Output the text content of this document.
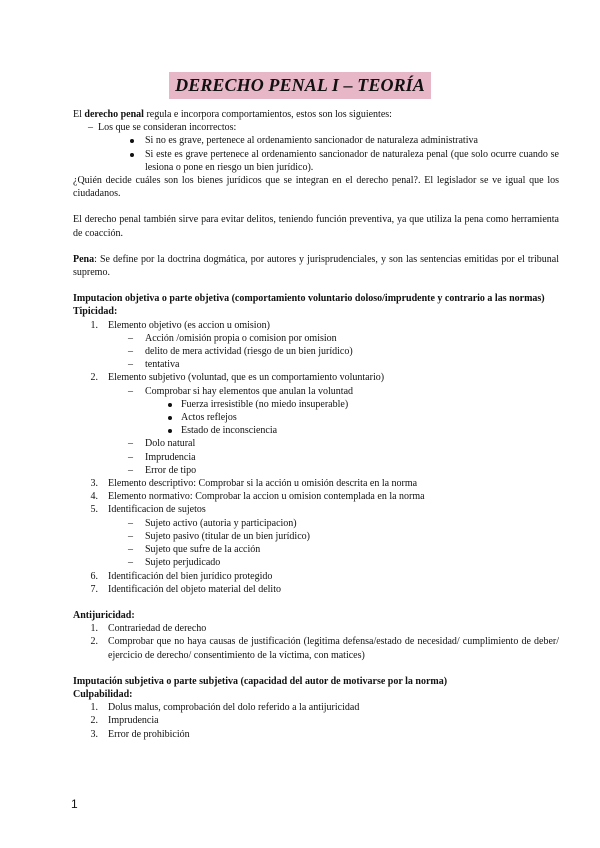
DERECHO PENAL I – TEORÍA

El derecho penal regula e incorpora comportamientos, estos son los siguientes:

– Los que se consideran incorrectos:
Si no es grave, pertenece al ordenamiento sancionador de naturaleza administrativa
Si este es grave pertenece al ordenamiento sancionador de naturaleza penal (que solo ocurre cuando se lesiona o pone en riesgo un bien jurídico).

¿Quién decide cuáles son los bienes jurídicos que se integran en el derecho penal?. El legislador se ve igual que los ciudadanos.

El derecho penal también sirve para evitar delitos, teniendo función preventiva, ya que utiliza la pena como herramienta de coacción.

Pena: Se define por la doctrina dogmática, por autores y jurisprudenciales, y son las sentencias emitidas por el tribunal supremo.

Imputacion objetiva o parte objetiva (comportamiento voluntario doloso/imprudente y contrario a las normas)

Tipicidad:

1. Elemento objetivo (es accion u omision)
–	Acción /omisión propia o comision por omision
–	delito de mera actividad (riesgo de un bien jurídico)
–	tentativa
2. Elemento subjetivo (voluntad, que es un comportamiento voluntario)
–	Comprobar si hay elementos que anulan la voluntad
Fuerza irresistible (no miedo insuperable)
Actos reflejos
Estado de inconsciencia
–	Dolo natural
–	Imprudencia
–	Error de tipo
3. Elemento descriptivo: Comprobar si la acción u omisión descrita en la norma
4. Elemento normativo: Comprobar la accion u omision contemplada en la norma
5. Identificacion de sujetos
–	Sujeto activo (autoria y participacion)
–	Sujeto pasivo (titular de un bien jurídico)
–	Sujeto que sufre de la acción
–	Sujeto perjudicado
6. Identificación del bien jurídico protegido
7. Identificación del objeto material del delito

Antijuricidad:

1. Contrariedad de derecho
2. Comprobar que no haya causas de justificación (legitima defensa/estado de necesidad/ cumplimiento de deber/ ejercicio de derecho/ consentimiento de la víctima, con matices)

Imputación subjetiva o parte subjetiva (capacidad del autor de motivarse por la norma)

Culpabilidad:

1. Dolus malus, comprobación del dolo referido a la antijuricidad
2. Imprudencia
3. Error de prohibición
1
